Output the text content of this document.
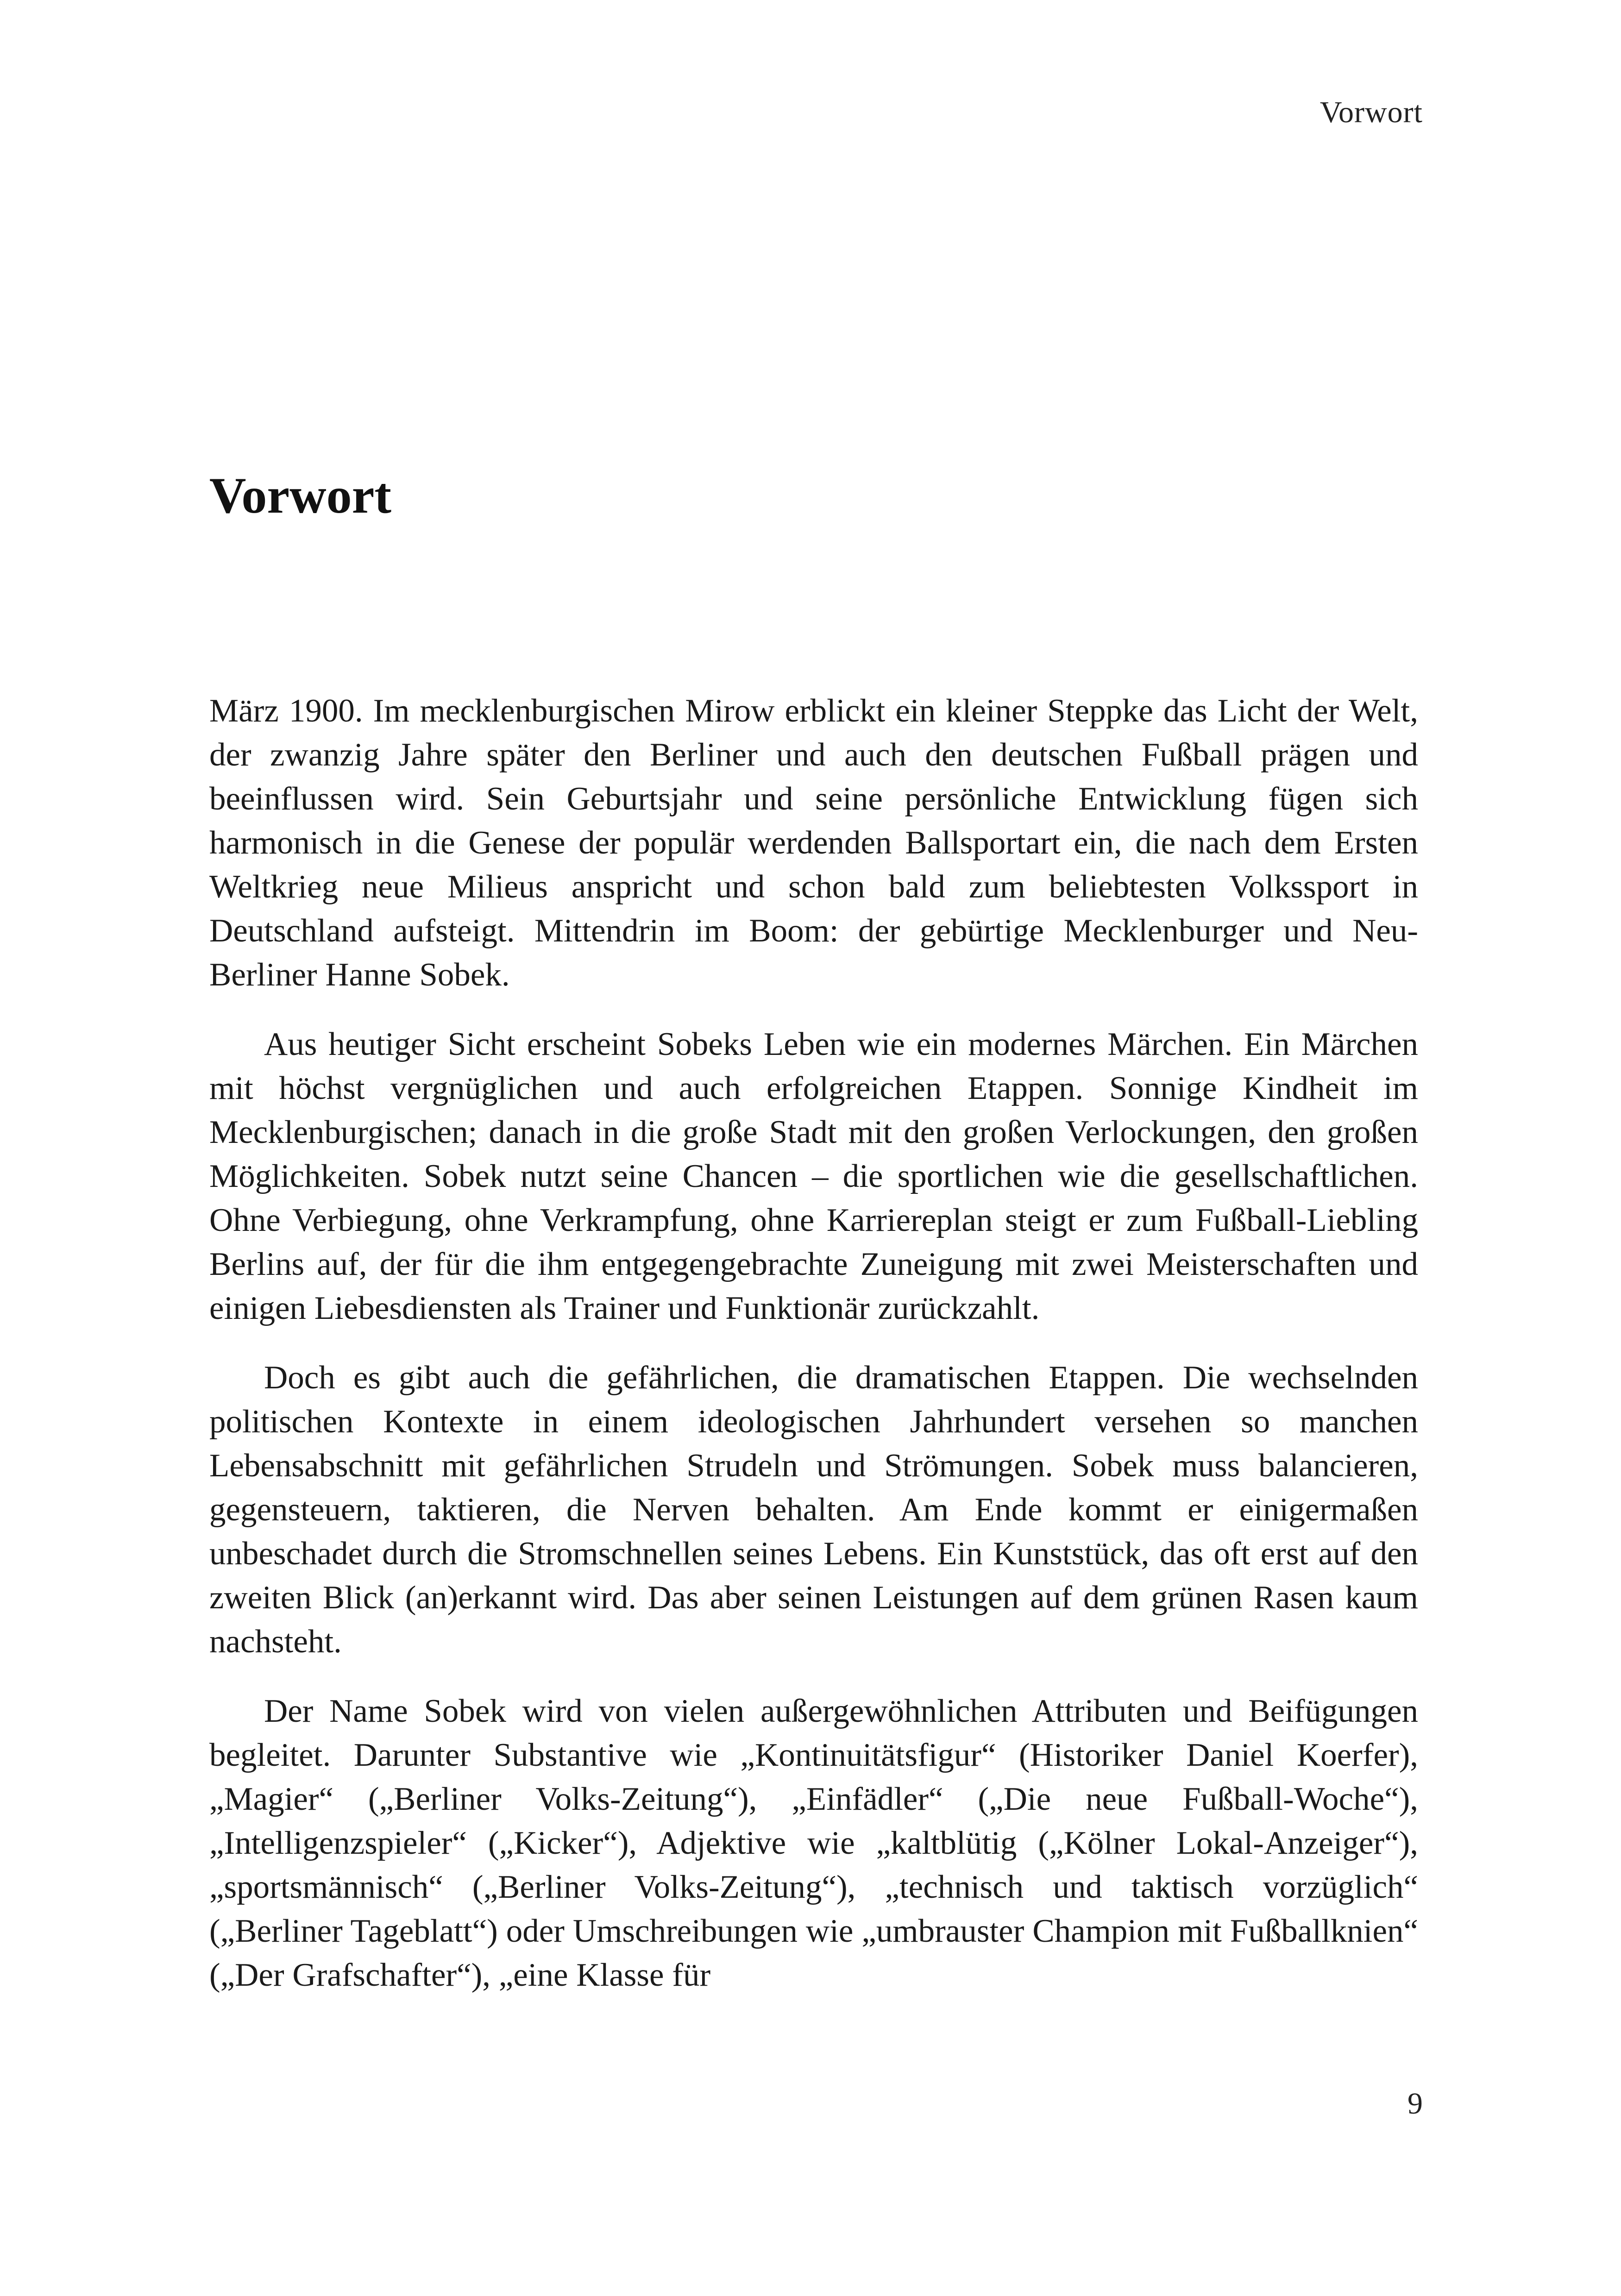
Vorwort
Vorwort

März 1900. Im mecklenburgischen Mirow erblickt ein kleiner Steppke das Licht der Welt, der zwanzig Jahre später den Berliner und auch den deutschen Fußball prägen und beeinflussen wird. Sein Geburtsjahr und seine persönliche Entwicklung fügen sich harmonisch in die Genese der populär werdenden Ballsportart ein, die nach dem Ersten Weltkrieg neue Milieus anspricht und schon bald zum beliebtesten Volkssport in Deutschland aufsteigt. Mittendrin im Boom: der gebürtige Mecklenburger und Neu-Berliner Hanne Sobek.

Aus heutiger Sicht erscheint Sobeks Leben wie ein modernes Märchen. Ein Märchen mit höchst vergnüglichen und auch erfolgreichen Etappen. Sonnige Kindheit im Mecklenburgischen; danach in die große Stadt mit den großen Verlockungen, den großen Möglichkeiten. Sobek nutzt seine Chancen – die sportlichen wie die gesellschaftlichen. Ohne Verbiegung, ohne Verkrampfung, ohne Karriereplan steigt er zum Fußball-Liebling Berlins auf, der für die ihm entgegengebrachte Zuneigung mit zwei Meisterschaften und einigen Liebesdiensten als Trainer und Funktionär zurückzahlt.

Doch es gibt auch die gefährlichen, die dramatischen Etappen. Die wechselnden politischen Kontexte in einem ideologischen Jahrhundert versehen so manchen Lebensabschnitt mit gefährlichen Strudeln und Strömungen. Sobek muss balancieren, gegensteuern, taktieren, die Nerven behalten. Am Ende kommt er einigermaßen unbeschadet durch die Stromschnellen seines Lebens. Ein Kunststück, das oft erst auf den zweiten Blick (an)erkannt wird. Das aber seinen Leistungen auf dem grünen Rasen kaum nachsteht.

Der Name Sobek wird von vielen außergewöhnlichen Attributen und Beifügungen begleitet. Darunter Substantive wie „Kontinuitätsfigur“ (Historiker Daniel Koerfer), „Magier“ („Berliner Volks-Zeitung“), „Einfädler“ („Die neue Fußball-Woche“), „Intelligenzspieler“ („Kicker“), Adjektive wie „kaltblütig („Kölner Lokal-Anzeiger“), „sportsmännisch“ („Berliner Volks-Zeitung“), „technisch und taktisch vorzüglich“ („Berliner Tageblatt“) oder Umschreibungen wie „umbrauster Champion mit Fußballknien“ („Der Grafschafter“), „eine Klasse für

9
